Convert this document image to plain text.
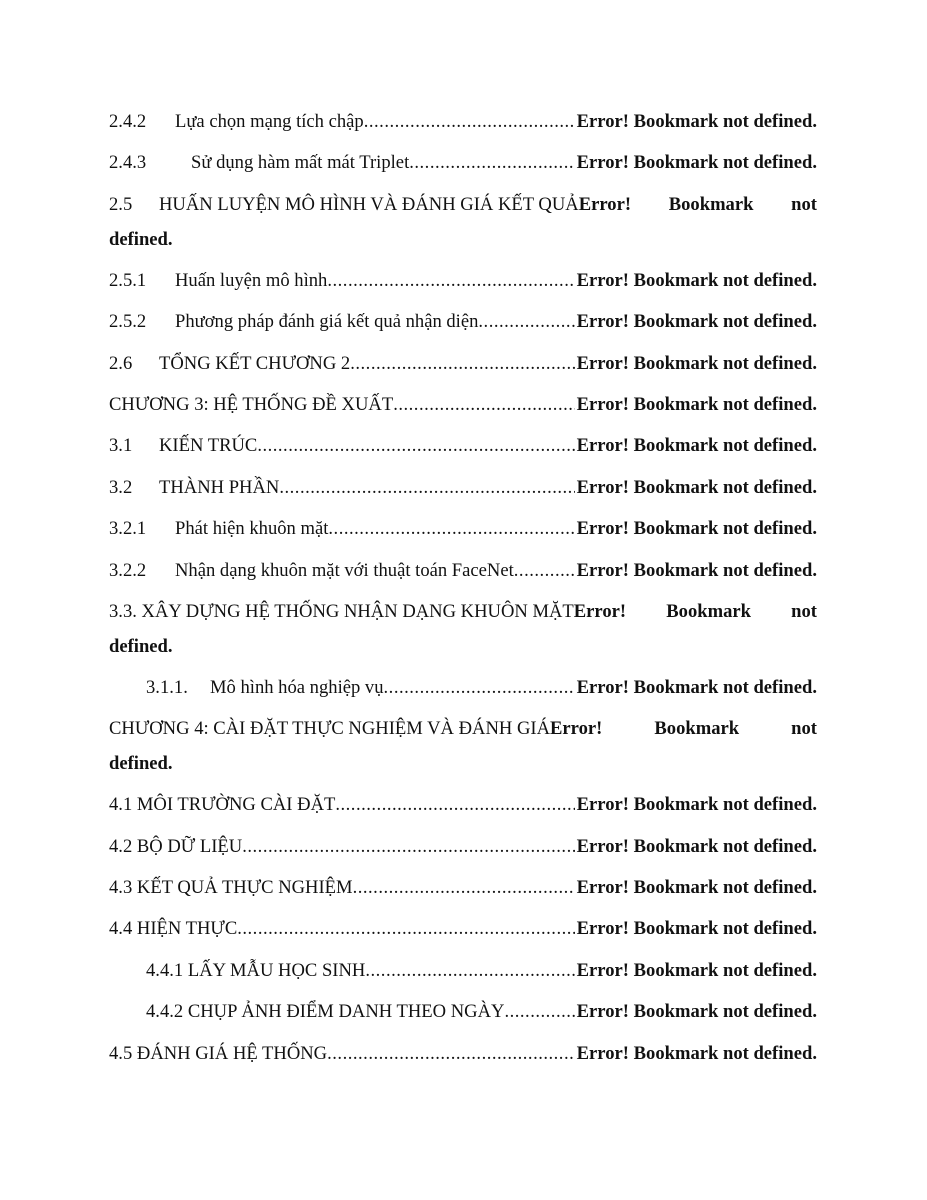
2.4.2	Lựa chọn mạng tích chập .....	Error! Bookmark not defined.
2.4.3	Sử dụng hàm mất mát Triplet .....	Error! Bookmark not defined.
2.5	HUẤN LUYỆN MÔ HÌNH VÀ ĐÁNH GIÁ KẾT QUẢ Error! Bookmark not
defined.
2.5.1	Huấn luyện mô hình .....	Error! Bookmark not defined.
2.5.2	Phương pháp đánh giá kết quả nhận diện .....	Error! Bookmark not defined.
2.6	TỔNG KẾT CHƯƠNG 2 .....	Error! Bookmark not defined.
CHƯƠNG 3: HỆ THỐNG ĐỀ XUẤT .....	Error! Bookmark not defined.
3.1	KIẾN TRÚC .....	Error! Bookmark not defined.
3.2	THÀNH PHẦN .....	Error! Bookmark not defined.
3.2.1	Phát hiện khuôn mặt .....	Error! Bookmark not defined.
3.2.2	Nhận dạng khuôn mặt với thuật toán FaceNet .....	Error! Bookmark not defined.
3.3. XÂY DỰNG HỆ THỐNG NHẬN DẠNG KHUÔN MẶT Error! Bookmark not
defined.
3.1.1.	Mô hình hóa nghiệp vụ .....	Error! Bookmark not defined.
CHƯƠNG 4: CÀI ĐẶT THỰC NGHIỆM VÀ ĐÁNH GIÁ Error!	Bookmark	not
defined.
4.1 MÔI TRƯỜNG CÀI ĐẶT .....	Error! Bookmark not defined.
4.2 BỘ DỮ LIỆU .....	Error! Bookmark not defined.
4.3 KẾT QUẢ THỰC NGHIỆM .....	Error! Bookmark not defined.
4.4 HIỆN THỰC .....	Error! Bookmark not defined.
4.4.1 LẤY MẪU HỌC SINH .....	Error! Bookmark not defined.
4.4.2 CHỤP ẢNH ĐIỂM DANH THEO NGÀY .....	Error! Bookmark not defined.
4.5 ĐÁNH GIÁ HỆ THỐNG .....	Error! Bookmark not defined.
